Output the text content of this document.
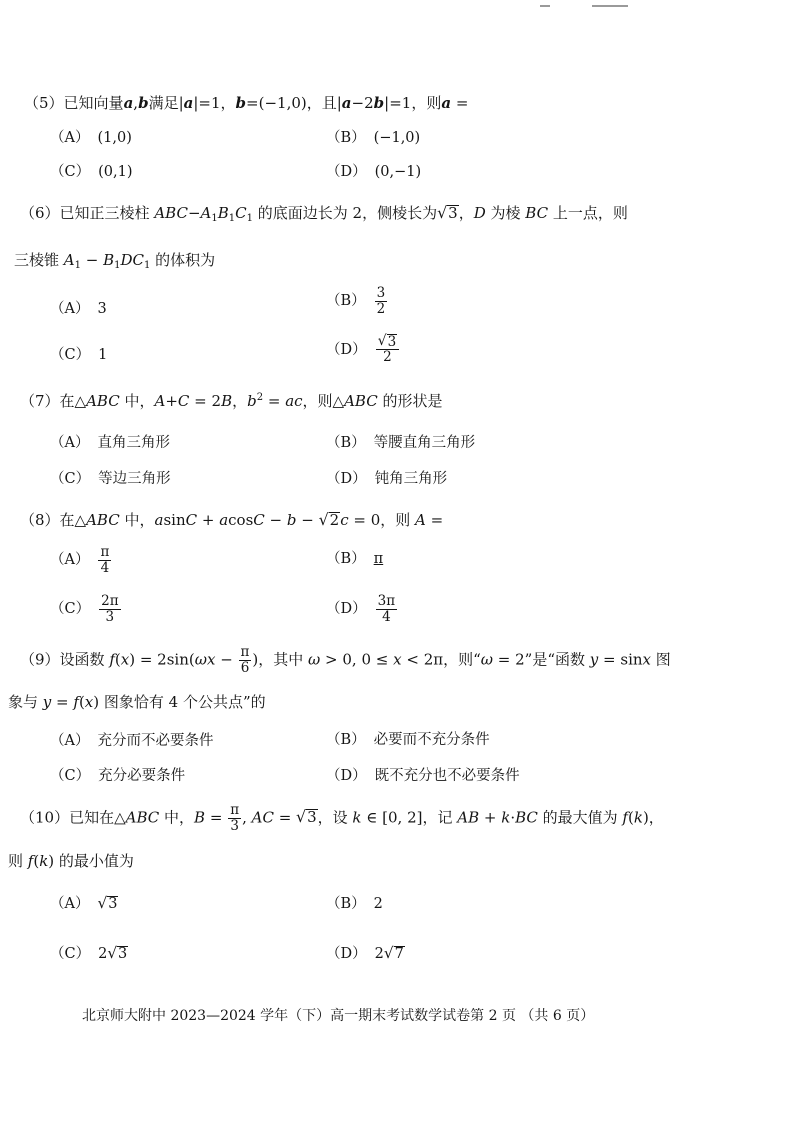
（5）已知向量a,b满足|a|=1，b=(−1,0)，且|a−2b|=1，则a =
（A） (1,0)	（B） (−1,0)
（C） (0,1)	（D） (0,−1)
（6）已知正三棱柱 $ABC-A_1B_1C_1$ 的底面边长为 2，侧棱长为 √ 3 ，D 为棱 BC 上一点，则
三棱锥 $A_1 - B_1DC_1$ 的体积为
（A） 3	$(B) \frac{3}{2}$
（C） 1	$(D) \frac{√ 3}{2}$
（7）在△ABC 中，A+C = 2B，$b^2$ = ac，则△ABC 的形状是
（A） 直角三角形	（B） 等腰直角三角形
（C） 等边三角形	（D） 钝角三角形
（8）在△ABC 中，asinC + acosC − b − √ 2 c = 0，则 A =
$(A) \frac{\pi}{4}$	（B） π
$(C) \frac{2\pi}{3}$	$(D) \frac{3\pi}{4}$
（9）设函数 $f(x) = 2\sin(\omega x - \frac{\pi}{6}$ )，其中 ω > 0, 0 ≤ x < 2π，则“ω = 2”是“函数 y = sinx 图
象与 y = f(x) 图象恰有 4 个公共点”的
（A） 充分而不必要条件	（B） 必要而不充分条件
（C） 充分必要条件	（D） 既不充分也不必要条件
（10）已知在△ABC 中，$B = \frac{\pi}{3}$ , AC = √ 3 ，设 k ∈ [0, 2]，记 AB + k·BC 的最大值为 f(k)，
则 f(k) 的最小值为
（A） √ 3	（B） 2
（C） 2 √ 3	（D） 2 √ 7
北京师大附中 2023—2024 学年（下）高一期末考试数学试卷第 2 页 （共 6 页）
